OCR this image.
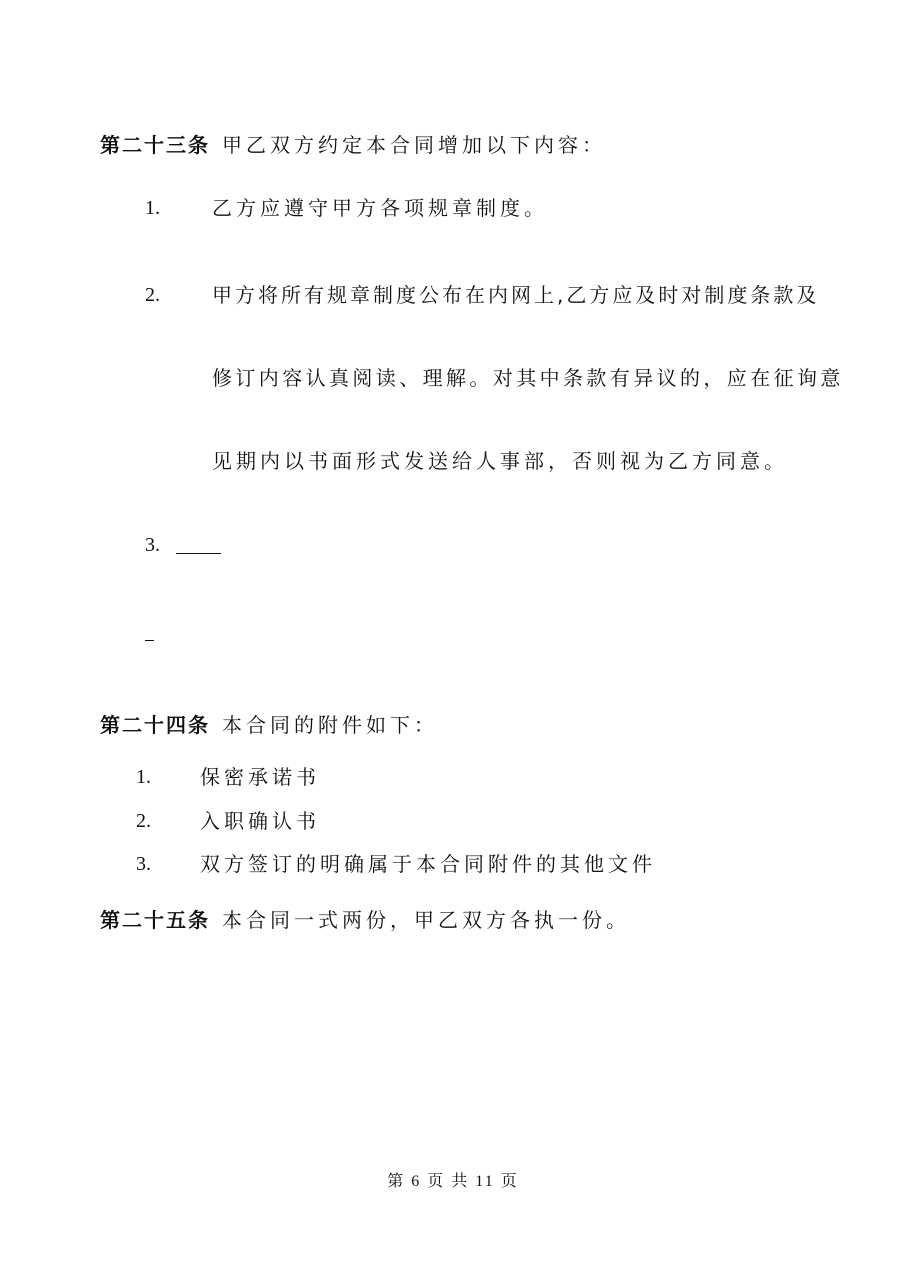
第二十三条 甲乙双方约定本合同增加以下内容：
1.	乙方应遵守甲方各项规章制度。
2.	甲方将所有规章制度公布在内网上,乙方应及时对制度条款及
修订内容认真阅读、理解。对其中条款有异议的，应在征询意
见期内以书面形式发送给人事部，否则视为乙方同意。
3.
第二十四条 本合同的附件如下：
1. 保密承诺书
2. 入职确认书
3. 双方签订的明确属于本合同附件的其他文件
第二十五条 本合同一式两份，甲乙双方各执一份。
第 6 页 共 11 页
